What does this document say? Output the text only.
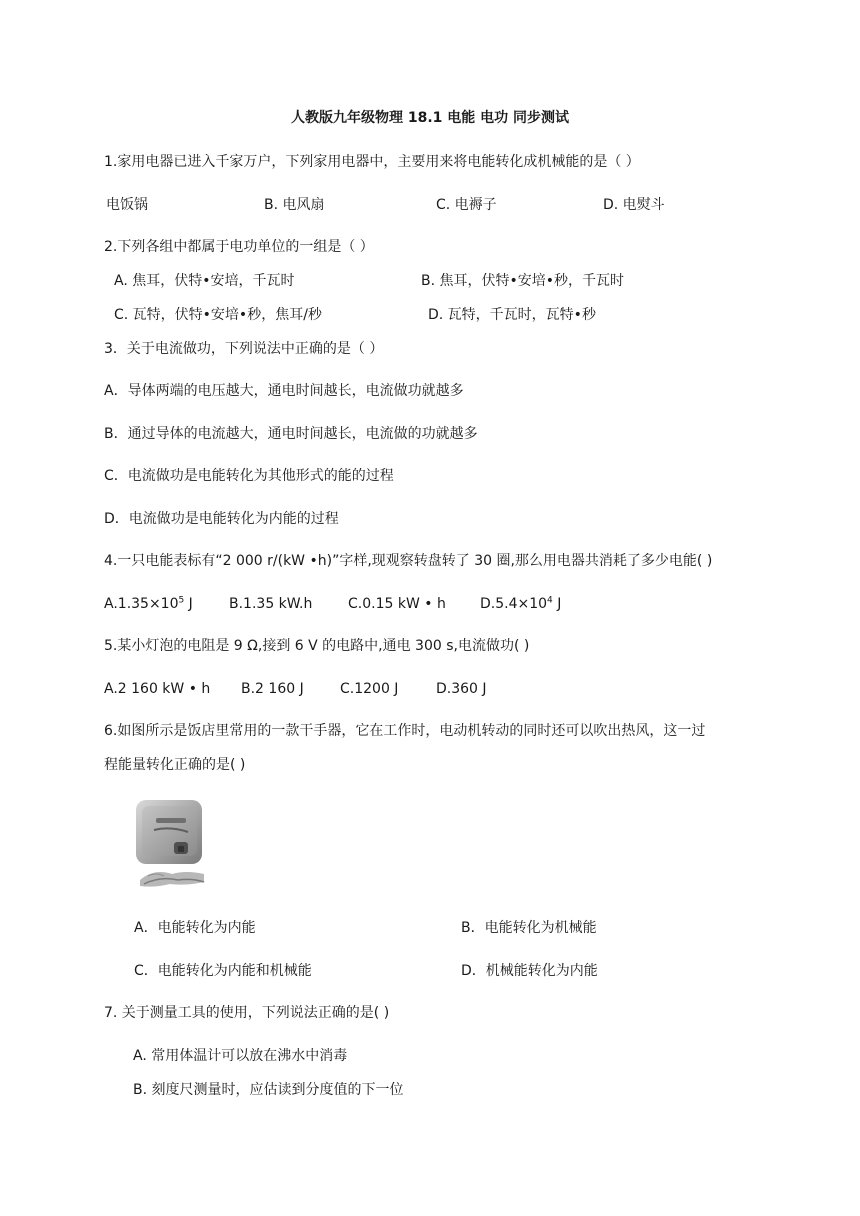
人教版九年级物理 18.1 电能 电功 同步测试
1.家用电器已进入千家万户，下列家用电器中，主要用来将电能转化成机械能的是（ ）
电饭锅	B. 电风扇	C. 电褥子	D. 电熨斗
2.下列各组中都属于电功单位的一组是（ ）
A. 焦耳，伏特•安培，千瓦时	B. 焦耳，伏特•安培•秒，千瓦时
C. 瓦特，伏特•安培•秒，焦耳/秒	D. 瓦特，千瓦时，瓦特•秒
3．关于电流做功，下列说法中正确的是（ ）
A．导体两端的电压越大，通电时间越长，电流做功就越多
B．通过导体的电流越大，通电时间越长，电流做的功就越多
C．电流做功是电能转化为其他形式的能的过程
D．电流做功是电能转化为内能的过程
4.一只电能表标有“2 000 r/(kW •h)”字样,现观察转盘转了 30 圈,那么用电器共消耗了多少电能( )
$A.1.35\times 10^5$ J	B.1.35 kW.h	C.0.15 kW • h $D.5.4\times 10^4$ J
5.某小灯泡的电阻是 9 Ω,接到 6 V 的电路中,通电 300 s,电流做功( )
A.2 160 kW • h B.2 160 J	C.1200 J	D.360 J
6.如图所示是饭店里常用的一款干手器，它在工作时，电动机转动的同时还可以吹出热风，这一过
程能量转化正确的是( )
A．电能转化为内能	B．电能转化为机械能
C．电能转化为内能和机械能	D．机械能转化为内能
7. 关于测量工具的使用，下列说法正确的是( )
A. 常用体温计可以放在沸水中消毒
B. 刻度尺测量时，应估读到分度值的下一位
